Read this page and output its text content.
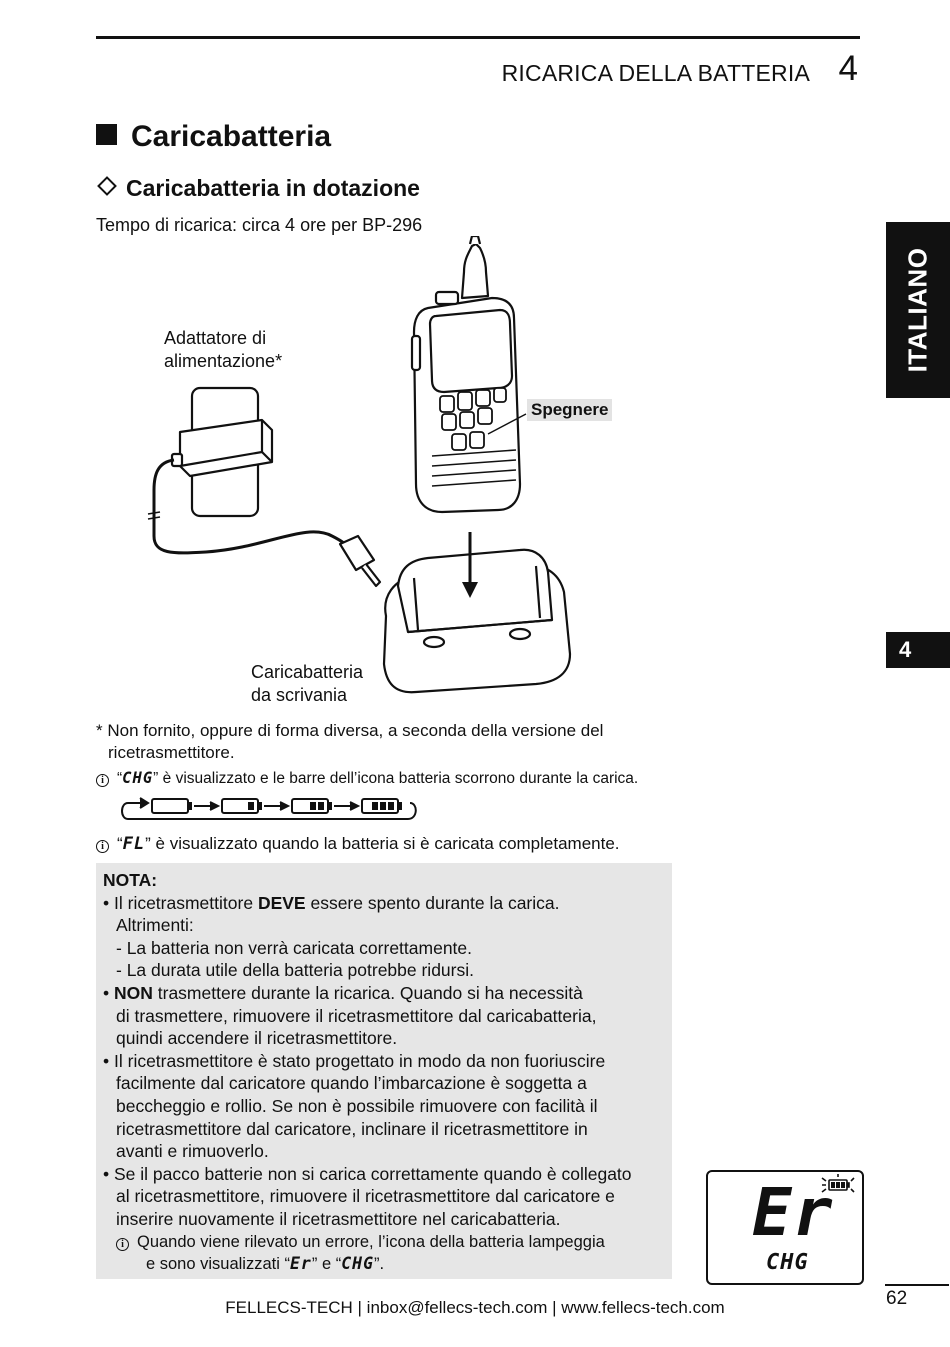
RICARICA DELLA BATTERIA 4
Caricabatteria
Caricabatteria in dotazione
Tempo di ricarica: circa 4 ore per BP-296
ITALIANO
4
Adattatore di
alimentazione*
Spegnere
Caricabatteria
da scrivania
* Non fornito, oppure di forma diversa, a seconda della versione del
ricetrasmettitore.
i “CHG” è visualizzato e le barre dell’icona batteria scorrono durante la carica.
i “FL” è visualizzato quando la batteria si è caricata completamente.
NOTA:
• Il ricetrasmettitore DEVE essere spento durante la carica.
Altrimenti:
- La batteria non verrà caricata correttamente.
- La durata utile della batteria potrebbe ridursi.
• NON trasmettere durante la ricarica. Quando si ha necessità
di trasmettere, rimuovere il ricetrasmettitore dal caricabatteria,
quindi accendere il ricetrasmettitore.
• Il ricetrasmettitore è stato progettato in modo da non fuoriuscire
facilmente dal caricatore quando l’imbarcazione è soggetta a
beccheggio e rollio. Se non è possibile rimuovere con facilità il
ricetrasmettitore dal caricatore, inclinare il ricetrasmettitore in
avanti e rimuoverlo.
• Se il pacco batterie non si carica correttamente quando è collegato
al ricetrasmettitore, rimuovere il ricetrasmettitore dal caricatore e
inserire nuovamente il ricetrasmettitore nel caricabatteria.
i Quando viene rilevato un errore, l’icona della batteria lampeggia
e sono visualizzati “Er” e “CHG”.
Er
CHG
62
FELLECS-TECH | inbox@fellecs-tech.com | www.fellecs-tech.com
